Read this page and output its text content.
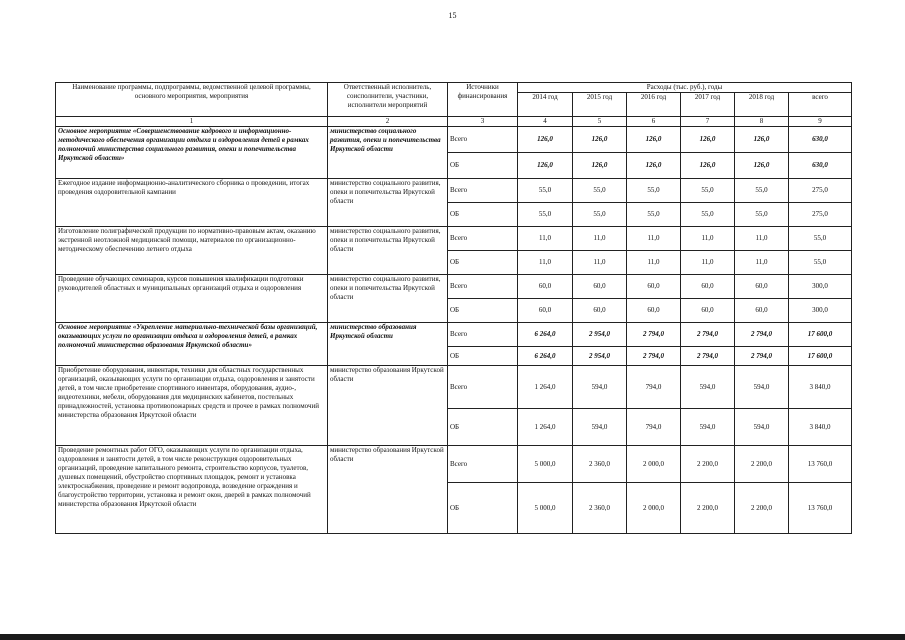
15
Наименование программы, подпрограммы, ведомственной целевой программы, основного мероприятия, мероприятия	Ответственный исполнитель, соисполнители, участники, исполнители мероприятий	Источники финансирования	Расходы (тыс. руб.), годы					
			2014 год	2015 год	2016 год	2017 год	2018 год	всего
1	2	3	4	5	6	7	8	9
Основное мероприятие «Совершенствование кадрового и информационно-методического обеспечения организации отдыха и оздоровления детей в рамках полномочий министерства социального развития, опеки и попечительства Иркутской области»	министерство социального развития, опеки и попечительства Иркутской области	Всего	126,0	126,0	126,0	126,0	126,0	630,0
		ОБ	126,0	126,0	126,0	126,0	126,0	630,0
Ежегодное издание информационно-аналитического сборника о проведении, итогах проведения оздоровительной кампании	министерство социального развития, опеки и попечительства Иркутской области	Всего	55,0	55,0	55,0	55,0	55,0	275,0
		ОБ	55,0	55,0	55,0	55,0	55,0	275,0
Изготовление полиграфической продукции по нормативно-правовым актам, оказанию экстренной неотложной медицинской помощи, материалов по организационно-методическому обеспечению летнего отдыха	министерство социального развития, опеки и попечительства Иркутской области	Всего	11,0	11,0	11,0	11,0	11,0	55,0
		ОБ	11,0	11,0	11,0	11,0	11,0	55,0
Проведение обучающих семинаров, курсов повышения квалификации подготовки руководителей областных и муниципальных организаций отдыха и оздоровления	министерство социального развития, опеки и попечительства Иркутской области	Всего	60,0	60,0	60,0	60,0	60,0	300,0
		ОБ	60,0	60,0	60,0	60,0	60,0	300,0
Основное мероприятие «Укрепление материально-технической базы организаций, оказывающих услуги по организации отдыха и оздоровления детей, в рамках полномочий министерства образования Иркутской области»	министерство образования Иркутской области	Всего	6 264,0	2 954,0	2 794,0	2 794,0	2 794,0	17 600,0
		ОБ	6 264,0	2 954,0	2 794,0	2 794,0	2 794,0	17 600,0
Приобретение оборудования, инвентаря, техники для областных государственных организаций, оказывающих услуги по организации отдыха, оздоровления и занятости детей, в том числе приобретение спортивного инвентаря, оборудования, аудио-, видеотехники, мебели, оборудования для медицинских кабинетов, постельных принадлежностей, установка противопожарных средств и прочее в рамках полномочий министерства образования Иркутской области	министерство образования Иркутской области	Всего	1 264,0	594,0	794,0	594,0	594,0	3 840,0
		ОБ	1 264,0	594,0	794,0	594,0	594,0	3 840,0
Проведение ремонтных работ ОГО, оказывающих услуги по организации отдыха, оздоровления и занятости детей, в том числе реконструкция оздоровительных организаций, проведение капитального ремонта, строительство корпусов, туалетов, душевых помещений, обустройство спортивных площадок, ремонт и установка электроснабжения, проведение и ремонт водопровода, возведение ограждения и благоустройство территории, установка и ремонт окон, дверей в рамках полномочий министерства образования Иркутской области	министерство образования Иркутской области	Всего	5 000,0	2 360,0	2 000,0	2 200,0	2 200,0	13 760,0
		ОБ	5 000,0	2 360,0	2 000,0	2 200,0	2 200,0	13 760,0
